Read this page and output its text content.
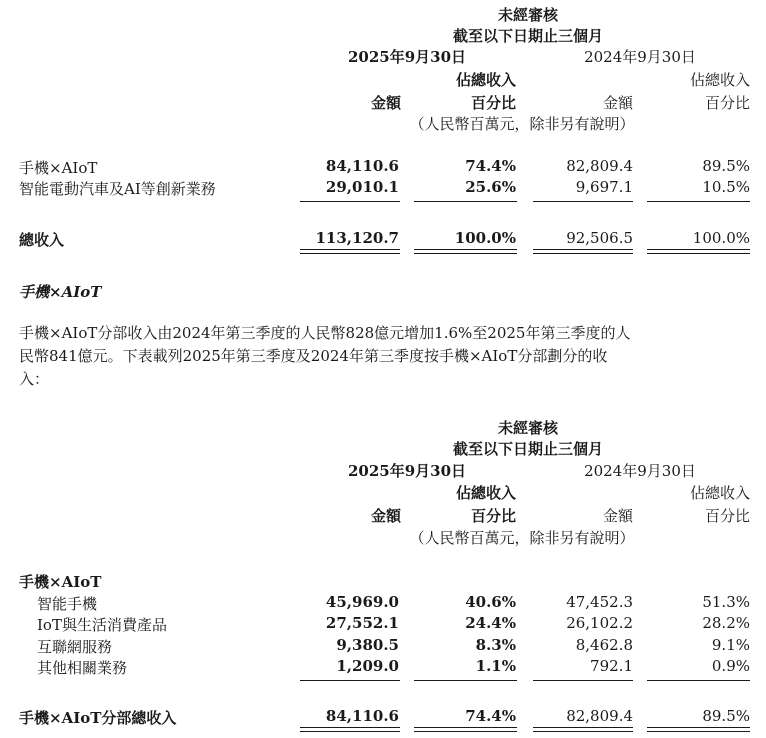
未經審核
截至以下日期止三個月
2025年9月30日	2024年9月30日
佔總收入	佔總收入
金額	百分比	金額	百分比
（人民幣百萬元，除非另有說明）
手機×AIoT	84,110.6	74.4%	82,809.4	89.5%
智能電動汽車及AI等創新業務	29,010.1	25.6%	9,697.1	10.5%
總收入	113,120.7	100.0%	92,506.5	100.0%
手機×AIoT
手機×AIoT分部收入由2024年第三季度的人民幣828億元增加1.6%至2025年第三季度的人
民幣841億元。下表載列2025年第三季度及2024年第三季度按手機×AIoT分部劃分的收
入：
未經審核
截至以下日期止三個月
2025年9月30日	2024年9月30日
佔總收入	佔總收入
金額	百分比	金額	百分比
（人民幣百萬元，除非另有說明）
手機×AIoT
智能手機	45,969.0	40.6%	47,452.3	51.3%
IoT與生活消費產品	27,552.1	24.4%	26,102.2	28.2%
互聯網服務	9,380.5	8.3%	8,462.8	9.1%
其他相關業務	1,209.0	1.1%	792.1	0.9%
手機×AIoT分部總收入	84,110.6	74.4%	82,809.4	89.5%
